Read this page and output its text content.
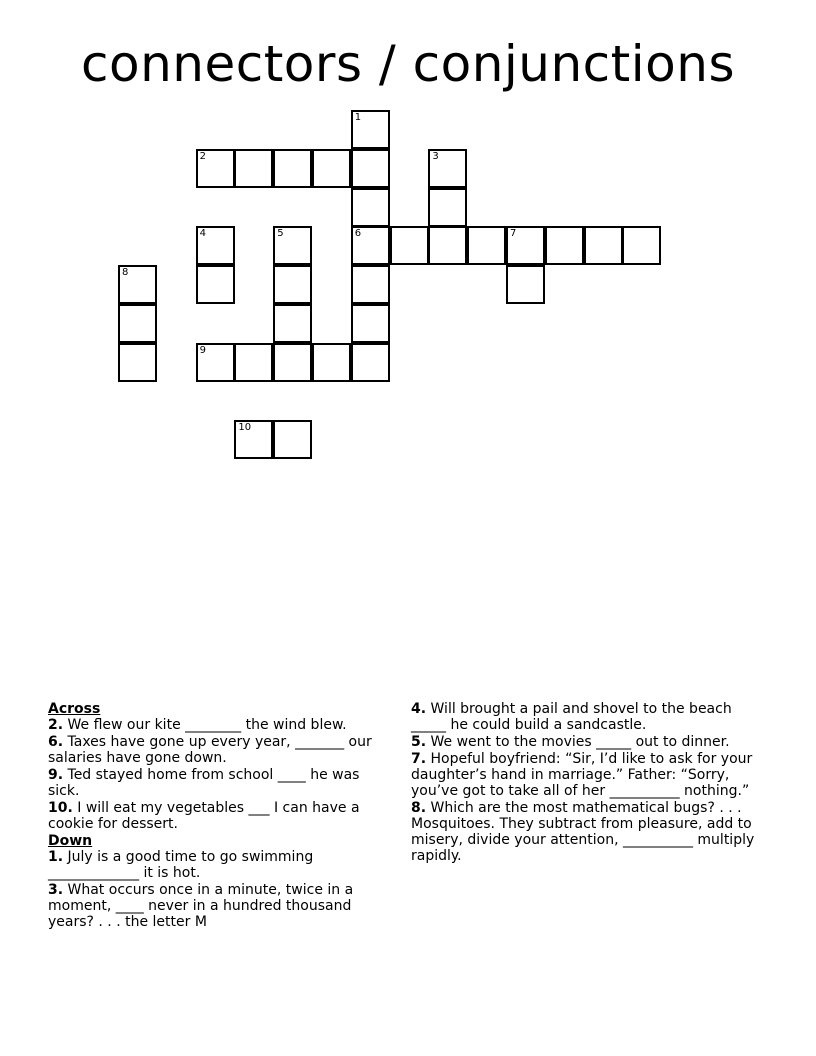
connectors / conjunctions
1
2	3
4	5	6	7
8
9
10
Across
2. We flew our kite ________ the wind blew.
6. Taxes have gone up every year, _______ our salaries have gone down.
9. Ted stayed home from school ____ he was sick.
10. I will eat my vegetables ___ I can have a cookie for dessert.
Down
1. July is a good time to go swimming _____________ it is hot.
3. What occurs once in a minute, twice in a moment, ____ never in a hundred thousand years? . . . the letter M
4. Will brought a pail and shovel to the beach _____ he could build a sandcastle.
5. We went to the movies _____ out to dinner.
7. Hopeful boyfriend: “Sir, I’d like to ask for your daughter’s hand in marriage.” Father: “Sorry, you’ve got to take all of her __________ nothing.”
8. Which are the most mathematical bugs? . . . Mosquitoes. They subtract from pleasure, add to misery, divide your attention, __________ multiply rapidly.
